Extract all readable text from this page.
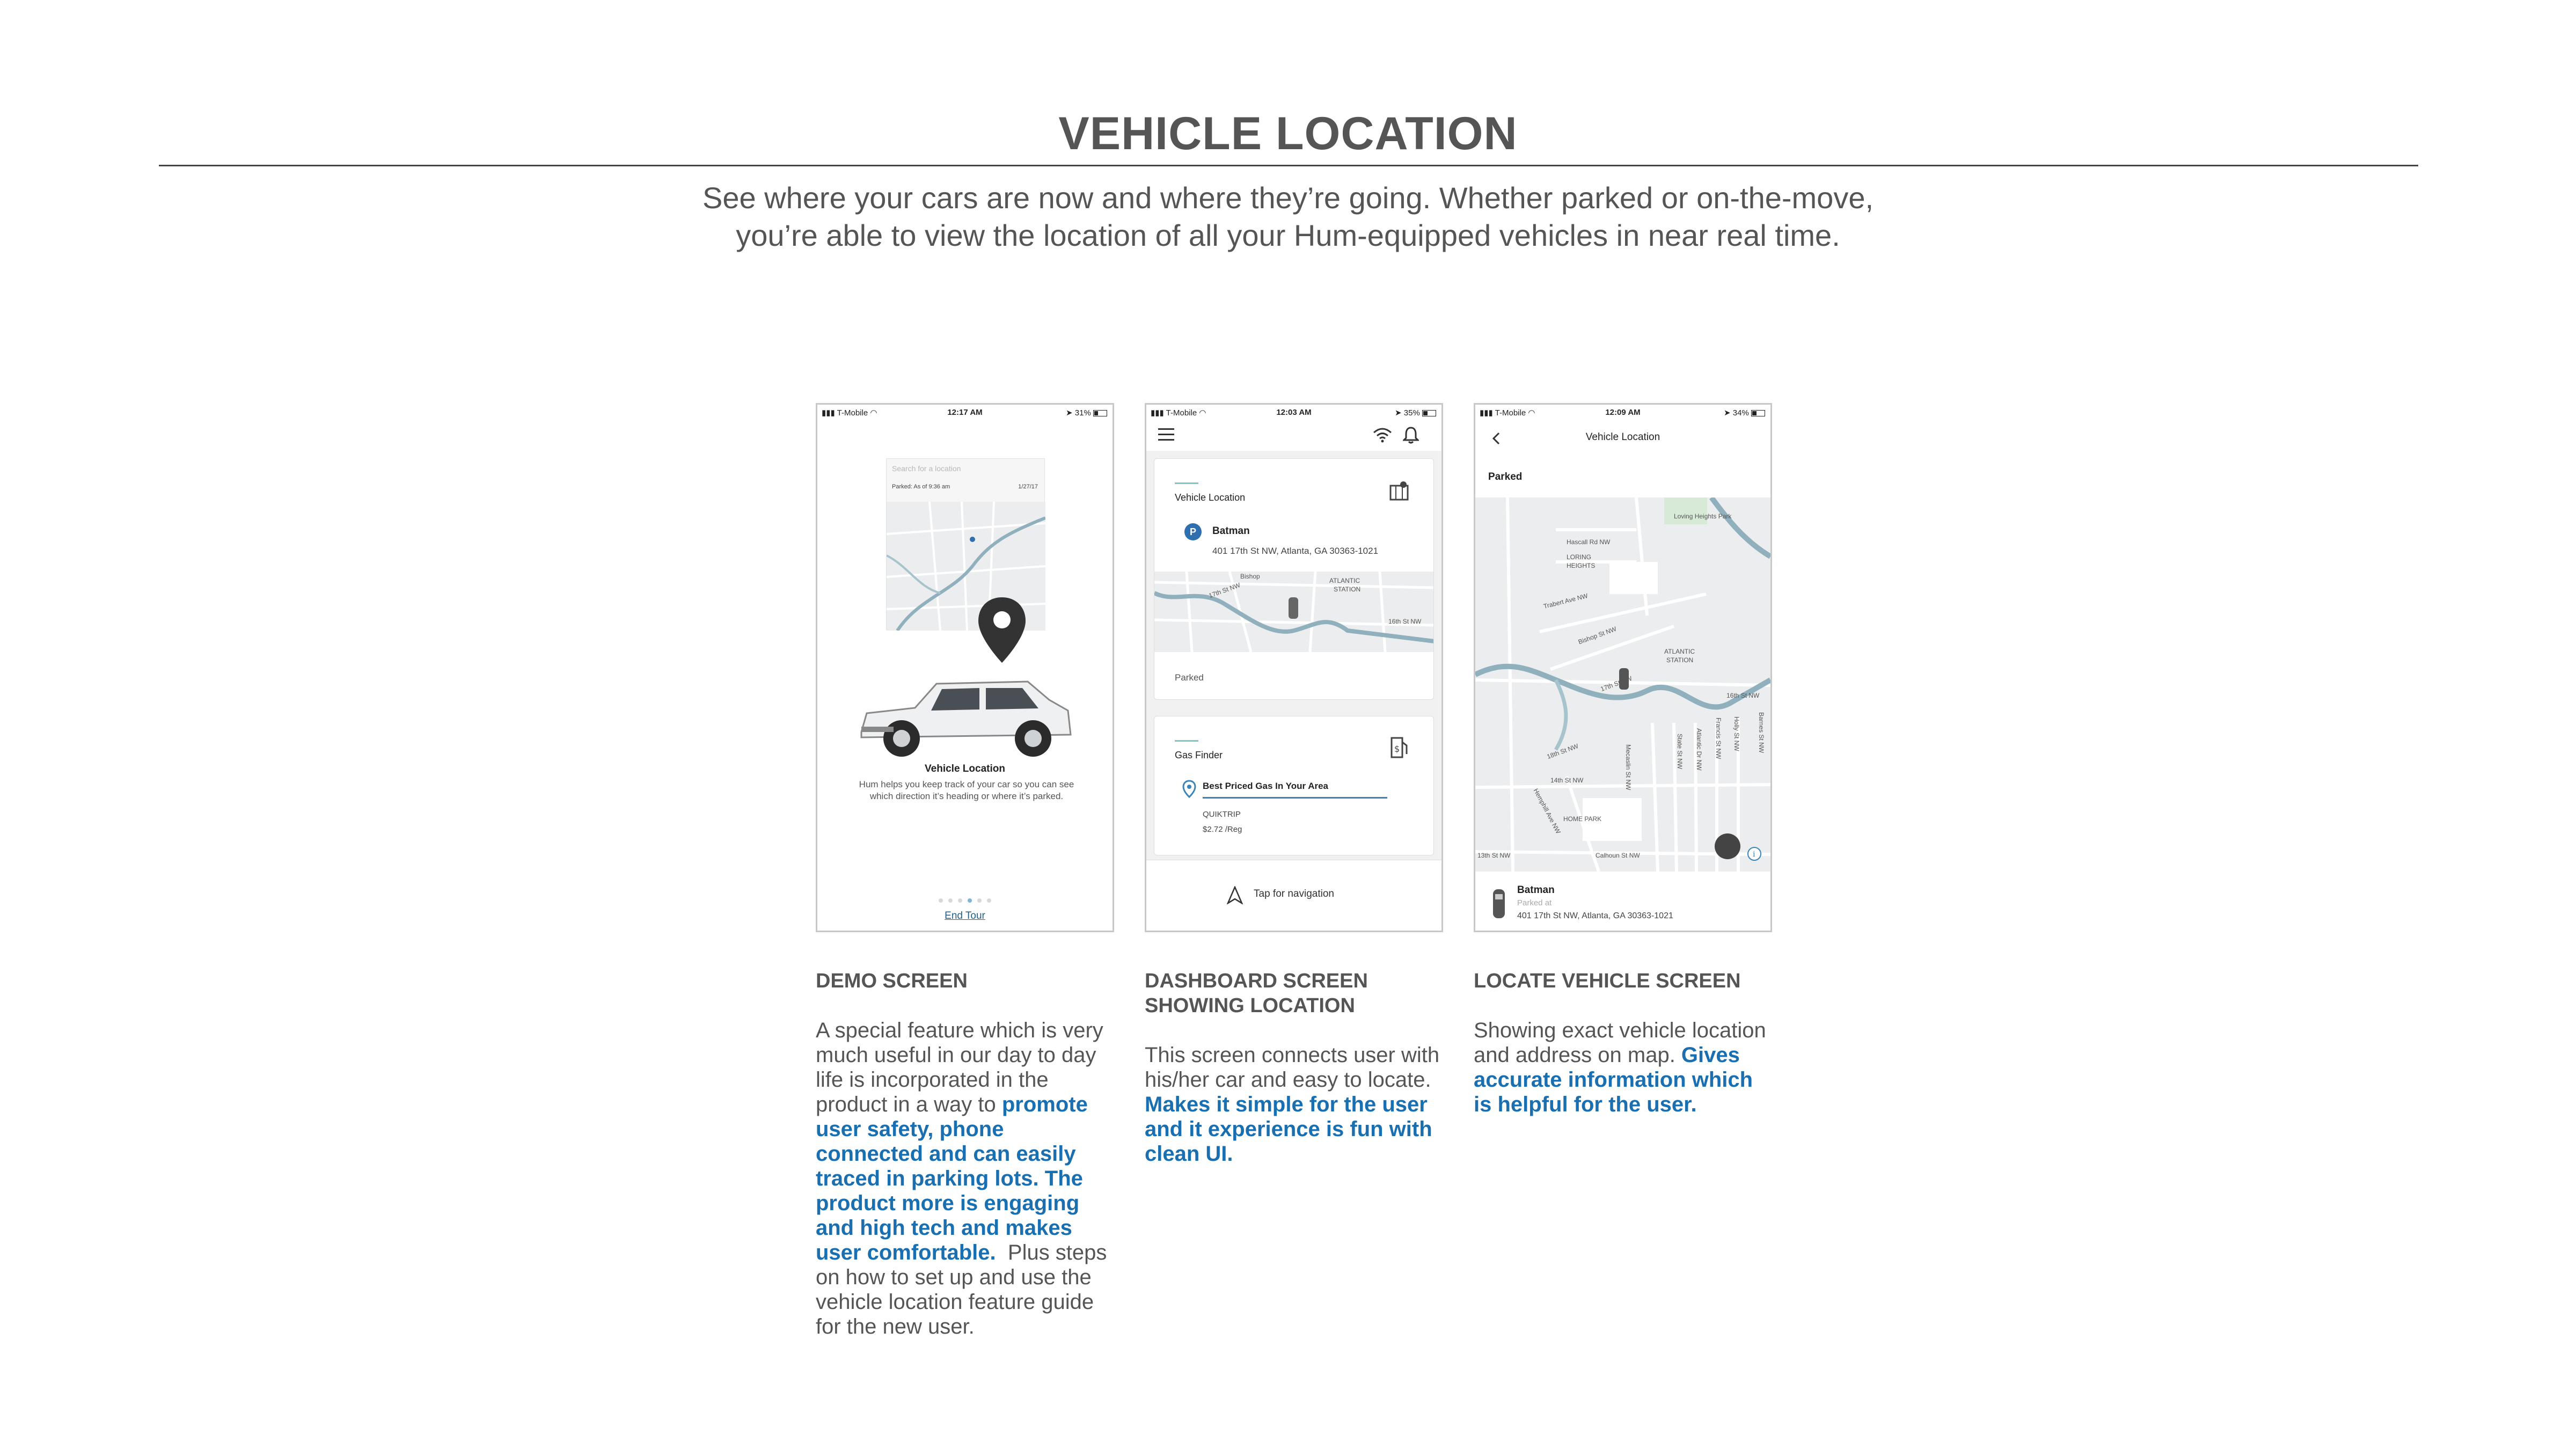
VEHICLE LOCATION
See where your cars are now and where they’re going. Whether parked or on-the-move,
you’re able to view the location of all your Hum-equipped vehicles in near real time.
▮▮▮ T-Mobile ◠	12:17 AM	➤ 31%
Search for a location
Parked: As of 9:36 am	1/27/17
Vehicle Location
Hum helps you keep track of your car so you can see which direction it’s heading or where it’s parked.
End Tour
▮▮▮ T-Mobile ◠	12:03 AM	➤ 35%
Vehicle Location
P	Batman
401 17th St NW, Atlanta, GA 30363-1021
ATLANTIC
STATION
16th St NW
Bishop
17th St NW
Parked
Gas Finder
$
Best Priced Gas In Your Area
QUIKTRIP
$2.72 /Reg
Tap for navigation
▮▮▮ T-Mobile ◠	12:09 AM	➤ 34%
Vehicle Location
Parked
i
Loving Heights Park
Hascall Rd NW
LORING
HEIGHTS
Trabert Ave NW
Bishop St NW
ATLANTIC
STATION
16th St NW
18th St NW
14th St NW
HOME PARK
Calhoun St NW
13th St NW
Mecaslin St NW	State St NW Atlantic Dr NW Francis St NW Holly St NW	Barnes St NW
Hemphill Ave NW
17th St NW
Batman
Parked at
401 17th St NW, Atlanta, GA 30363-1021
DEMO SCREEN
A special feature which is very much useful in our day to day life is incorporated in the product in a way to promote user safety, phone connected and can easily traced in parking lots. The product more is engaging and high tech and makes user comfortable.  Plus steps on how to set up and use the vehicle location feature guide for the new user.
DASHBOARD SCREEN
SHOWING LOCATION
This screen connects user with his/her car and easy to locate. Makes it simple for the user and it experience is fun with clean UI.
LOCATE VEHICLE SCREEN
Showing exact vehicle location and address on map. Gives accurate information which is helpful for the user.
